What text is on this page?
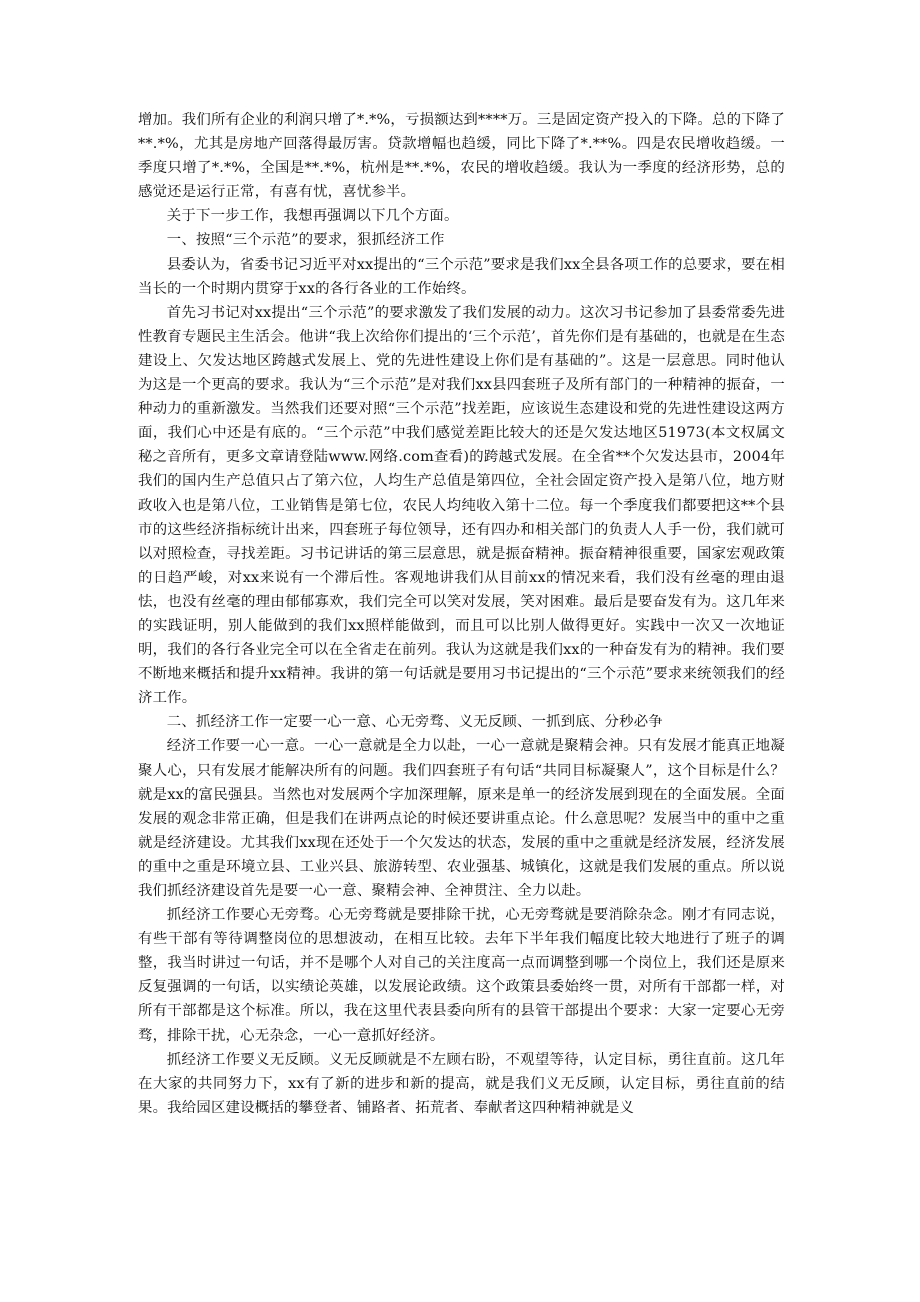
增加。我们所有企业的利润只增了*.*%，亏损额达到****万。三是固定资产投入的下降。总的下降了**.*%，尤其是房地产回落得最厉害。贷款增幅也趋缓，同比下降了*.**%。四是农民增收趋缓。一季度只增了*.*%，全国是**.*%，杭州是**.*%，农民的增收趋缓。我认为一季度的经济形势，总的感觉还是运行正常，有喜有忧，喜忧参半。

关于下一步工作，我想再强调以下几个方面。

一、按照“三个示范”的要求，狠抓经济工作

县委认为，省委书记习近平对xx提出的“三个示范”要求是我们xx全县各项工作的总要求，要在相当长的一个时期内贯穿于xx的各行各业的工作始终。

首先习书记对xx提出“三个示范”的要求激发了我们发展的动力。这次习书记参加了县委常委先进性教育专题民主生活会。他讲“我上次给你们提出的‘三个示范’，首先你们是有基础的，也就是在生态建设上、欠发达地区跨越式发展上、党的先进性建设上你们是有基础的”。这是一层意思。同时他认为这是一个更高的要求。我认为“三个示范”是对我们xx县四套班子及所有部门的一种精神的振奋，一种动力的重新激发。当然我们还要对照“三个示范”找差距，应该说生态建设和党的先进性建设这两方面，我们心中还是有底的。“三个示范”中我们感觉差距比较大的还是欠发达地区51973(本文权属文秘之音所有，更多文章请登陆www.网络.com查看)的跨越式发展。在全省**个欠发达县市，2004年我们的国内生产总值只占了第六位，人均生产总值是第四位，全社会固定资产投入是第八位，地方财政收入也是第八位，工业销售是第七位，农民人均纯收入第十二位。每一个季度我们都要把这**个县市的这些经济指标统计出来，四套班子每位领导，还有四办和相关部门的负责人人手一份，我们就可以对照检查，寻找差距。习书记讲话的第三层意思，就是振奋精神。振奋精神很重要，国家宏观政策的日趋严峻，对xx来说有一个滞后性。客观地讲我们从目前xx的情况来看，我们没有丝毫的理由退怯，也没有丝毫的理由郁郁寡欢，我们完全可以笑对发展，笑对困难。最后是要奋发有为。这几年来的实践证明，别人能做到的我们xx照样能做到，而且可以比别人做得更好。实践中一次又一次地证明，我们的各行各业完全可以在全省走在前列。我认为这就是我们xx的一种奋发有为的精神。我们要不断地来概括和提升xx精神。我讲的第一句话就是要用习书记提出的“三个示范”要求来统领我们的经济工作。

二、抓经济工作一定要一心一意、心无旁骛、义无反顾、一抓到底、分秒必争

经济工作要一心一意。一心一意就是全力以赴，一心一意就是聚精会神。只有发展才能真正地凝聚人心，只有发展才能解决所有的问题。我们四套班子有句话“共同目标凝聚人”，这个目标是什么？就是xx的富民强县。当然也对发展两个字加深理解，原来是单一的经济发展到现在的全面发展。全面发展的观念非常正确，但是我们在讲两点论的时候还要讲重点论。什么意思呢？发展当中的重中之重就是经济建设。尤其我们xx现在还处于一个欠发达的状态，发展的重中之重就是经济发展，经济发展的重中之重是环境立县、工业兴县、旅游转型、农业强基、城镇化，这就是我们发展的重点。所以说我们抓经济建设首先是要一心一意、聚精会神、全神贯注、全力以赴。

抓经济工作要心无旁骛。心无旁骛就是要排除干扰，心无旁骛就是要消除杂念。刚才有同志说，有些干部有等待调整岗位的思想波动，在相互比较。去年下半年我们幅度比较大地进行了班子的调整，我当时讲过一句话，并不是哪个人对自己的关注度高一点而调整到哪一个岗位上，我们还是原来反复强调的一句话，以实绩论英雄，以发展论政绩。这个政策县委始终一贯，对所有干部都一样，对所有干部都是这个标准。所以，我在这里代表县委向所有的县管干部提出个要求：大家一定要心无旁骛，排除干扰，心无杂念，一心一意抓好经济。

抓经济工作要义无反顾。义无反顾就是不左顾右盼，不观望等待，认定目标，勇往直前。这几年在大家的共同努力下，xx有了新的进步和新的提高，就是我们义无反顾，认定目标，勇往直前的结果。我给园区建设概括的攀登者、铺路者、拓荒者、奉献者这四种精神就是义
